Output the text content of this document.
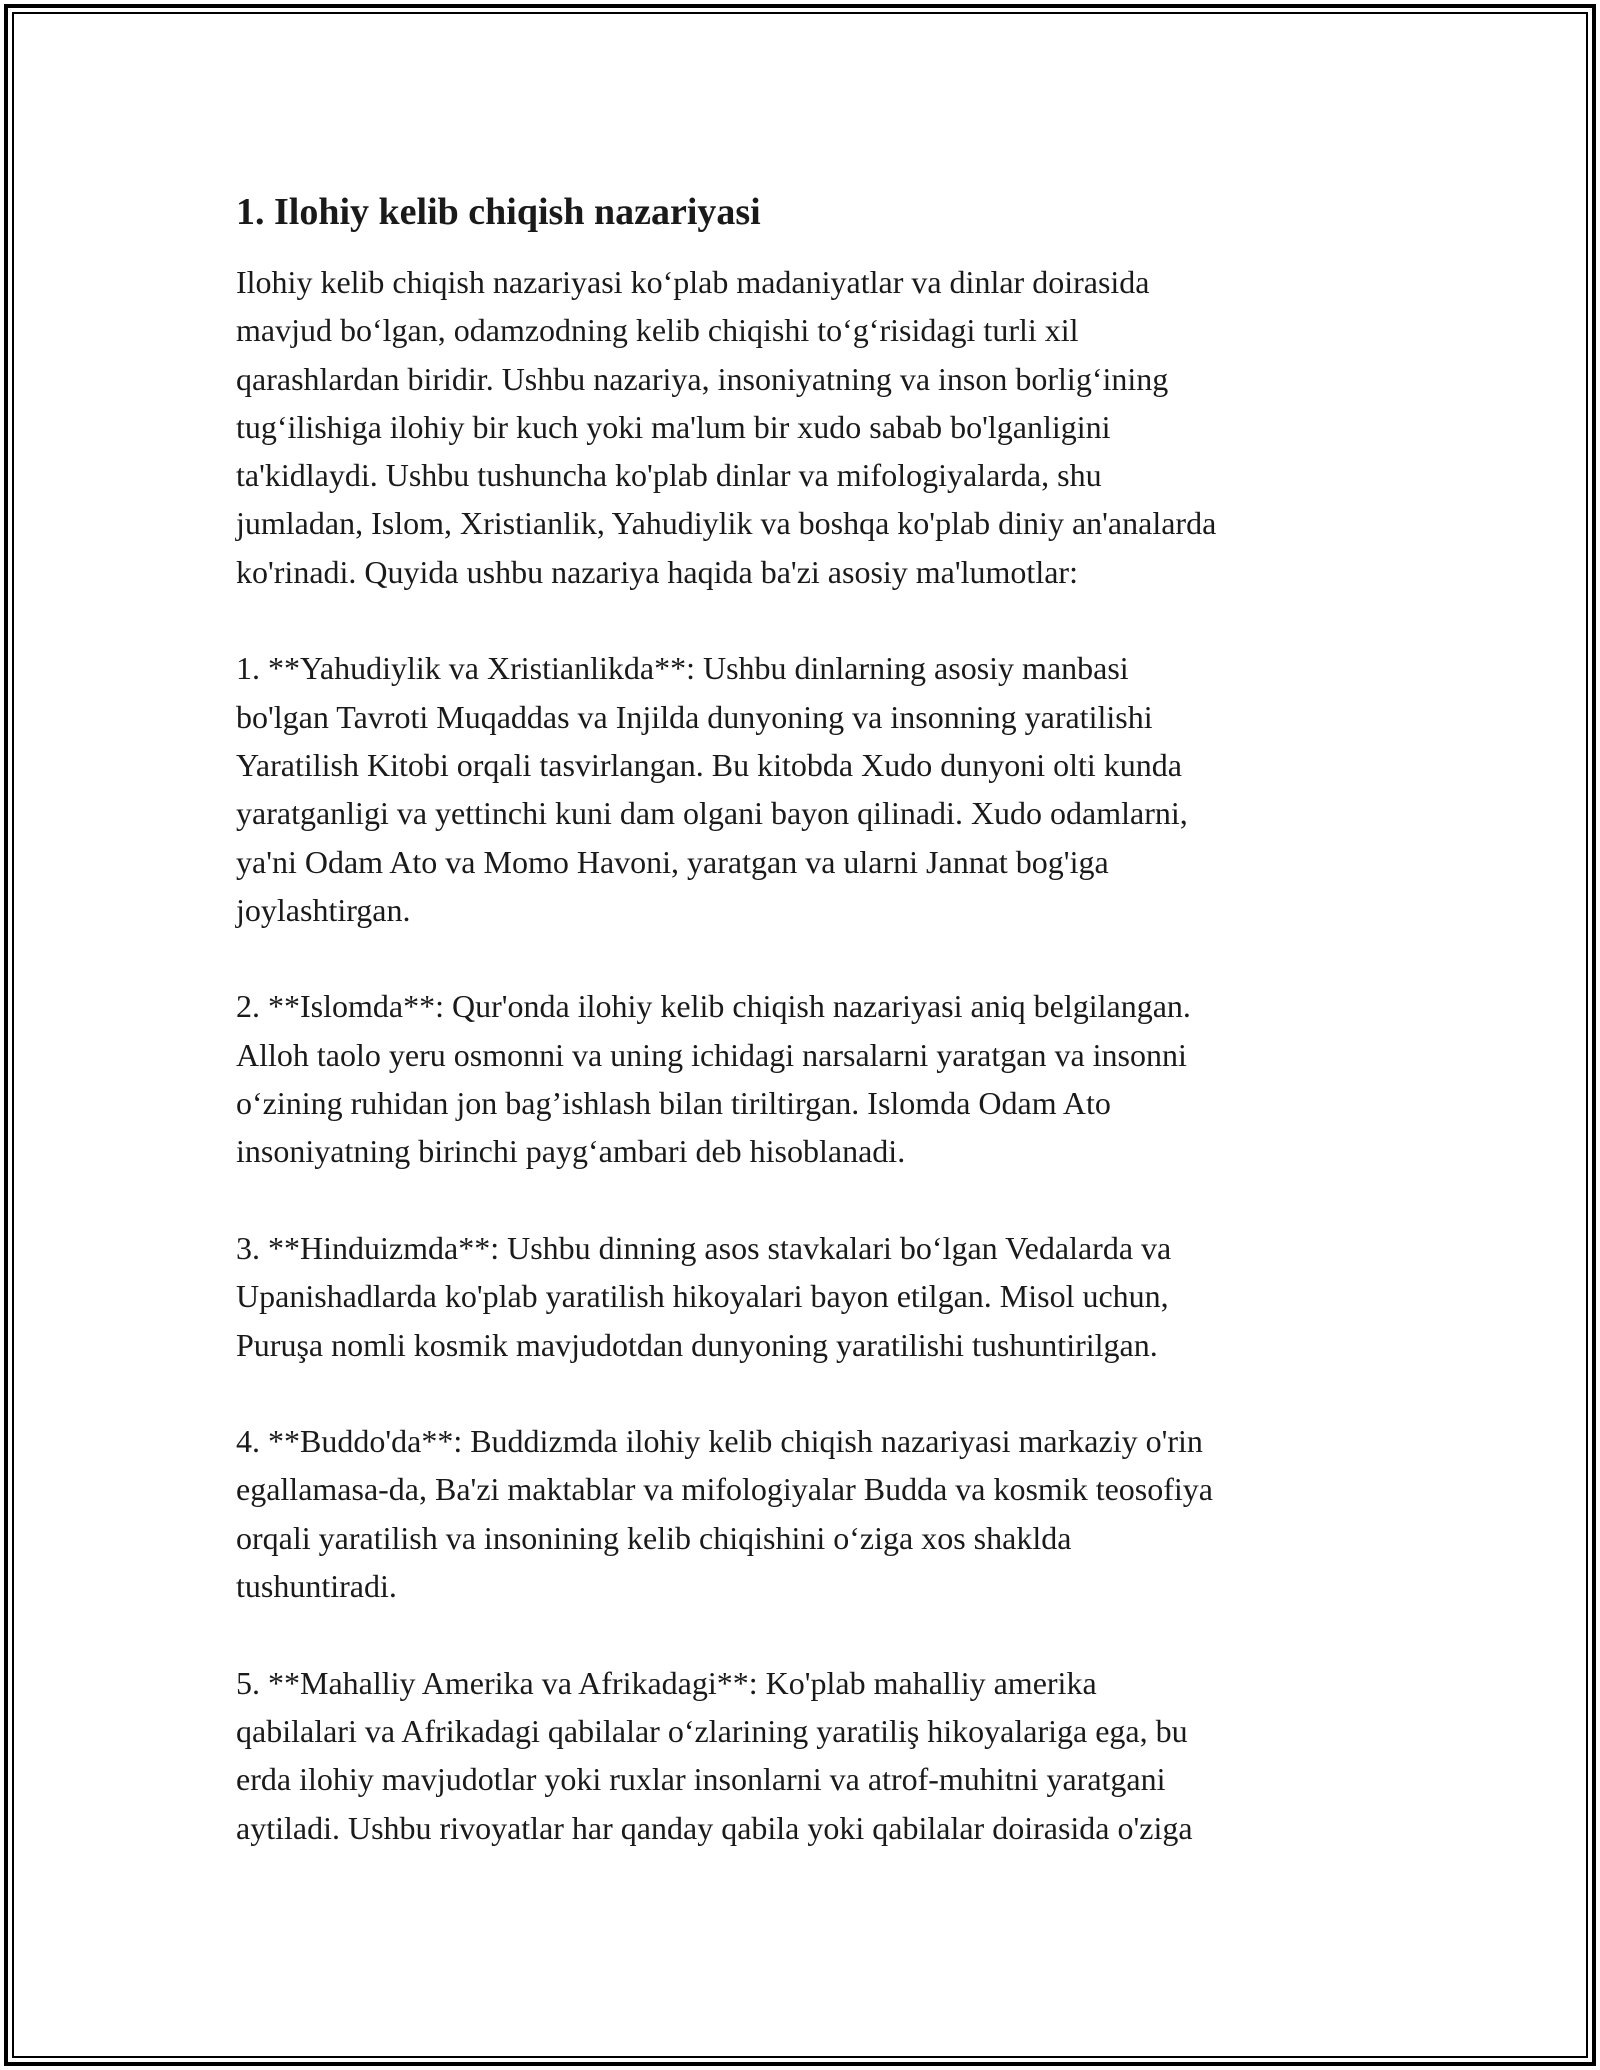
1. Ilohiy kelib chiqish nazariyasi

Ilohiy kelib chiqish nazariyasi ko‘plab madaniyatlar va dinlar doirasida
mavjud bo‘lgan, odamzodning kelib chiqishi to‘g‘risidagi turli xil
qarashlardan biridir. Ushbu nazariya, insoniyatning va inson borlig‘ining
tug‘ilishiga ilohiy bir kuch yoki ma'lum bir xudo sabab bo'lganligini
ta'kidlaydi. Ushbu tushuncha ko'plab dinlar va mifologiyalarda, shu
jumladan, Islom, Xristianlik, Yahudiylik va boshqa ko'plab diniy an'analarda
ko'rinadi. Quyida ushbu nazariya haqida ba'zi asosiy ma'lumotlar:

1. **Yahudiylik va Xristianlikda**: Ushbu dinlarning asosiy manbasi
bo'lgan Tavroti Muqaddas va Injilda dunyoning va insonning yaratilishi
Yaratilish Kitobi orqali tasvirlangan. Bu kitobda Xudo dunyoni olti kunda
yaratganligi va yettinchi kuni dam olgani bayon qilinadi. Xudo odamlarni,
ya'ni Odam Ato va Momo Havoni, yaratgan va ularni Jannat bog'iga
joylashtirgan.

2. **Islomda**: Qur'onda ilohiy kelib chiqish nazariyasi aniq belgilangan.
Alloh taolo yeru osmonni va uning ichidagi narsalarni yaratgan va insonni
o‘zining ruhidan jon bag’ishlash bilan tiriltirgan. Islomda Odam Ato
insoniyatning birinchi payg‘ambari deb hisoblanadi.

3. **Hinduizmda**: Ushbu dinning asos stavkalari bo‘lgan Vedalarda va
Upanishadlarda ko'plab yaratilish hikoyalari bayon etilgan. Misol uchun,
Puruşa nomli kosmik mavjudotdan dunyoning yaratilishi tushuntirilgan.

4. **Buddo'da**: Buddizmda ilohiy kelib chiqish nazariyasi markaziy o'rin
egallamasa-da, Ba'zi maktablar va mifologiyalar Budda va kosmik teosofiya
orqali yaratilish va insonining kelib chiqishini o‘ziga xos shaklda
tushuntiradi.

5. **Mahalliy Amerika va Afrikadagi**: Ko'plab mahalliy amerika
qabilalari va Afrikadagi qabilalar o‘zlarining yaratiliş hikoyalariga ega, bu
erda ilohiy mavjudotlar yoki ruxlar insonlarni va atrof-muhitni yaratgani
aytiladi. Ushbu rivoyatlar har qanday qabila yoki qabilalar doirasida o'ziga
